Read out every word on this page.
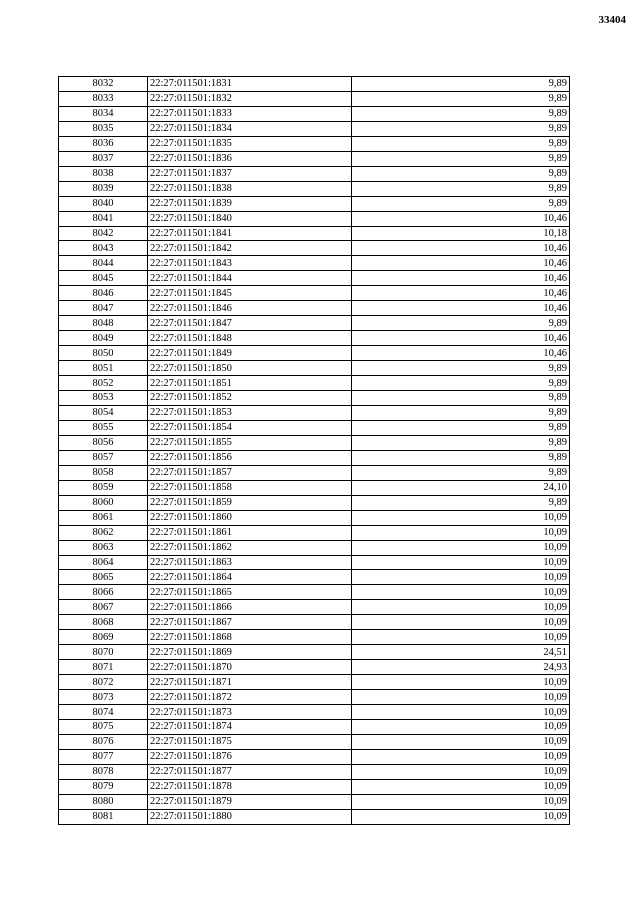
33404
8032	22:27:011501:1831	9,89
8033	22:27:011501:1832	9,89
8034	22:27:011501:1833	9,89
8035	22:27:011501:1834	9,89
8036	22:27:011501:1835	9,89
8037	22:27:011501:1836	9,89
8038	22:27:011501:1837	9,89
8039	22:27:011501:1838	9,89
8040	22:27:011501:1839	9,89
8041	22:27:011501:1840	10,46
8042	22:27:011501:1841	10,18
8043	22:27:011501:1842	10,46
8044	22:27:011501:1843	10,46
8045	22:27:011501:1844	10,46
8046	22:27:011501:1845	10,46
8047	22:27:011501:1846	10,46
8048	22:27:011501:1847	9,89
8049	22:27:011501:1848	10,46
8050	22:27:011501:1849	10,46
8051	22:27:011501:1850	9,89
8052	22:27:011501:1851	9,89
8053	22:27:011501:1852	9,89
8054	22:27:011501:1853	9,89
8055	22:27:011501:1854	9,89
8056	22:27:011501:1855	9,89
8057	22:27:011501:1856	9,89
8058	22:27:011501:1857	9,89
8059	22:27:011501:1858	24,10
8060	22:27:011501:1859	9,89
8061	22:27:011501:1860	10,09
8062	22:27:011501:1861	10,09
8063	22:27:011501:1862	10,09
8064	22:27:011501:1863	10,09
8065	22:27:011501:1864	10,09
8066	22:27:011501:1865	10,09
8067	22:27:011501:1866	10,09
8068	22:27:011501:1867	10,09
8069	22:27:011501:1868	10,09
8070	22:27:011501:1869	24,51
8071	22:27:011501:1870	24,93
8072	22:27:011501:1871	10,09
8073	22:27:011501:1872	10,09
8074	22:27:011501:1873	10,09
8075	22:27:011501:1874	10,09
8076	22:27:011501:1875	10,09
8077	22:27:011501:1876	10,09
8078	22:27:011501:1877	10,09
8079	22:27:011501:1878	10,09
8080	22:27:011501:1879	10,09
8081	22:27:011501:1880	10,09
